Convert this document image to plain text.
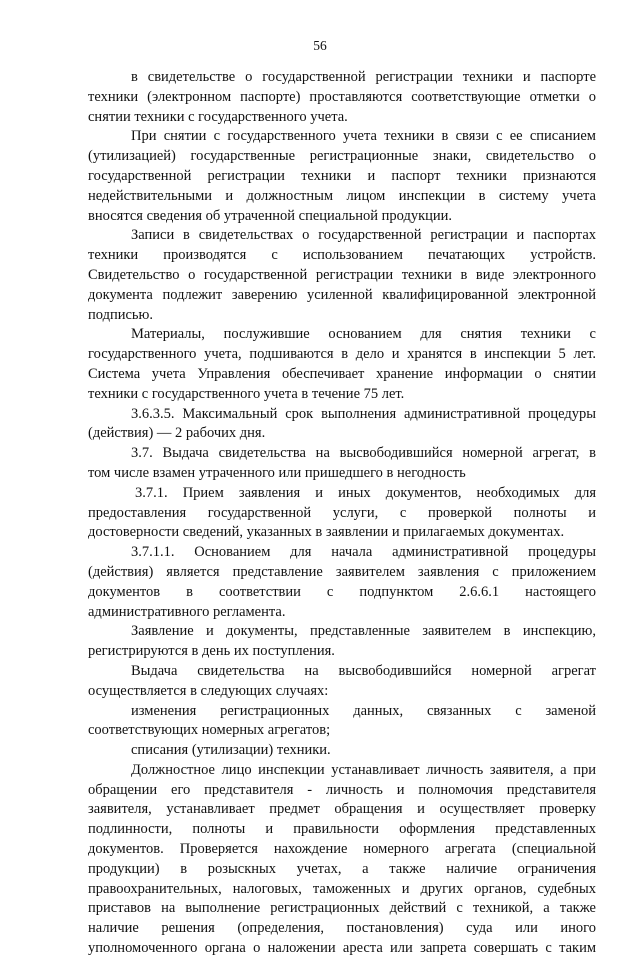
56
в свидетельстве о государственной регистрации техники и паспорте
техники (электронном паспорте) проставляются соответствующие отметки о
снятии техники с государственного учета.
При снятии с государственного учета техники в связи с ее списанием
(утилизацией) государственные регистрационные знаки, свидетельство о
государственной регистрации техники и паспорт техники признаются
недействительными и должностным лицом инспекции в систему учета
вносятся сведения об утраченной специальной продукции.
Записи в свидетельствах о государственной регистрации и паспортах
техники производятся с использованием печатающих устройств.
Свидетельство о государственной регистрации техники в виде электронного
документа подлежит заверению усиленной квалифицированной электронной
подписью.
Материалы, послужившие основанием для снятия техники с
государственного учета, подшиваются в дело и хранятся в инспекции 5 лет.
Система учета Управления обеспечивает хранение информации о снятии
техники с государственного учета в течение 75 лет.
3.6.3.5. Максимальный срок выполнения административной процедуры
(действия) — 2 рабочих дня.
3.7. Выдача свидетельства на высвободившийся номерной агрегат, в
том числе взамен утраченного или пришедшего в негодность
3.7.1. Прием заявления и иных документов, необходимых для
предоставления государственной услуги, с проверкой полноты и
достоверности сведений, указанных в заявлении и прилагаемых документах.
3.7.1.1. Основанием для начала административной процедуры
(действия) является представление заявителем заявления с приложением
документов в соответствии с подпунктом 2.6.6.1 настоящего
административного регламента.
Заявление и документы, представленные заявителем в инспекцию,
регистрируются в день их поступления.
Выдача свидетельства на высвободившийся номерной агрегат
осуществляется в следующих случаях:
изменения регистрационных данных, связанных с заменой
соответствующих номерных агрегатов;
списания (утилизации) техники.
Должностное лицо инспекции устанавливает личность заявителя, а при
обращении его представителя - личность и полномочия представителя
заявителя, устанавливает предмет обращения и осуществляет проверку
подлинности, полноты и правильности оформления представленных
документов. Проверяется нахождение номерного агрегата (специальной
продукции) в розыскных учетах, а также наличие ограничения
правоохранительных, налоговых, таможенных и других органов, судебных
приставов на выполнение регистрационных действий с техникой, а также
наличие решения (определения, постановления) суда или иного
уполномоченного органа о наложении ареста или запрета совершать с таким
